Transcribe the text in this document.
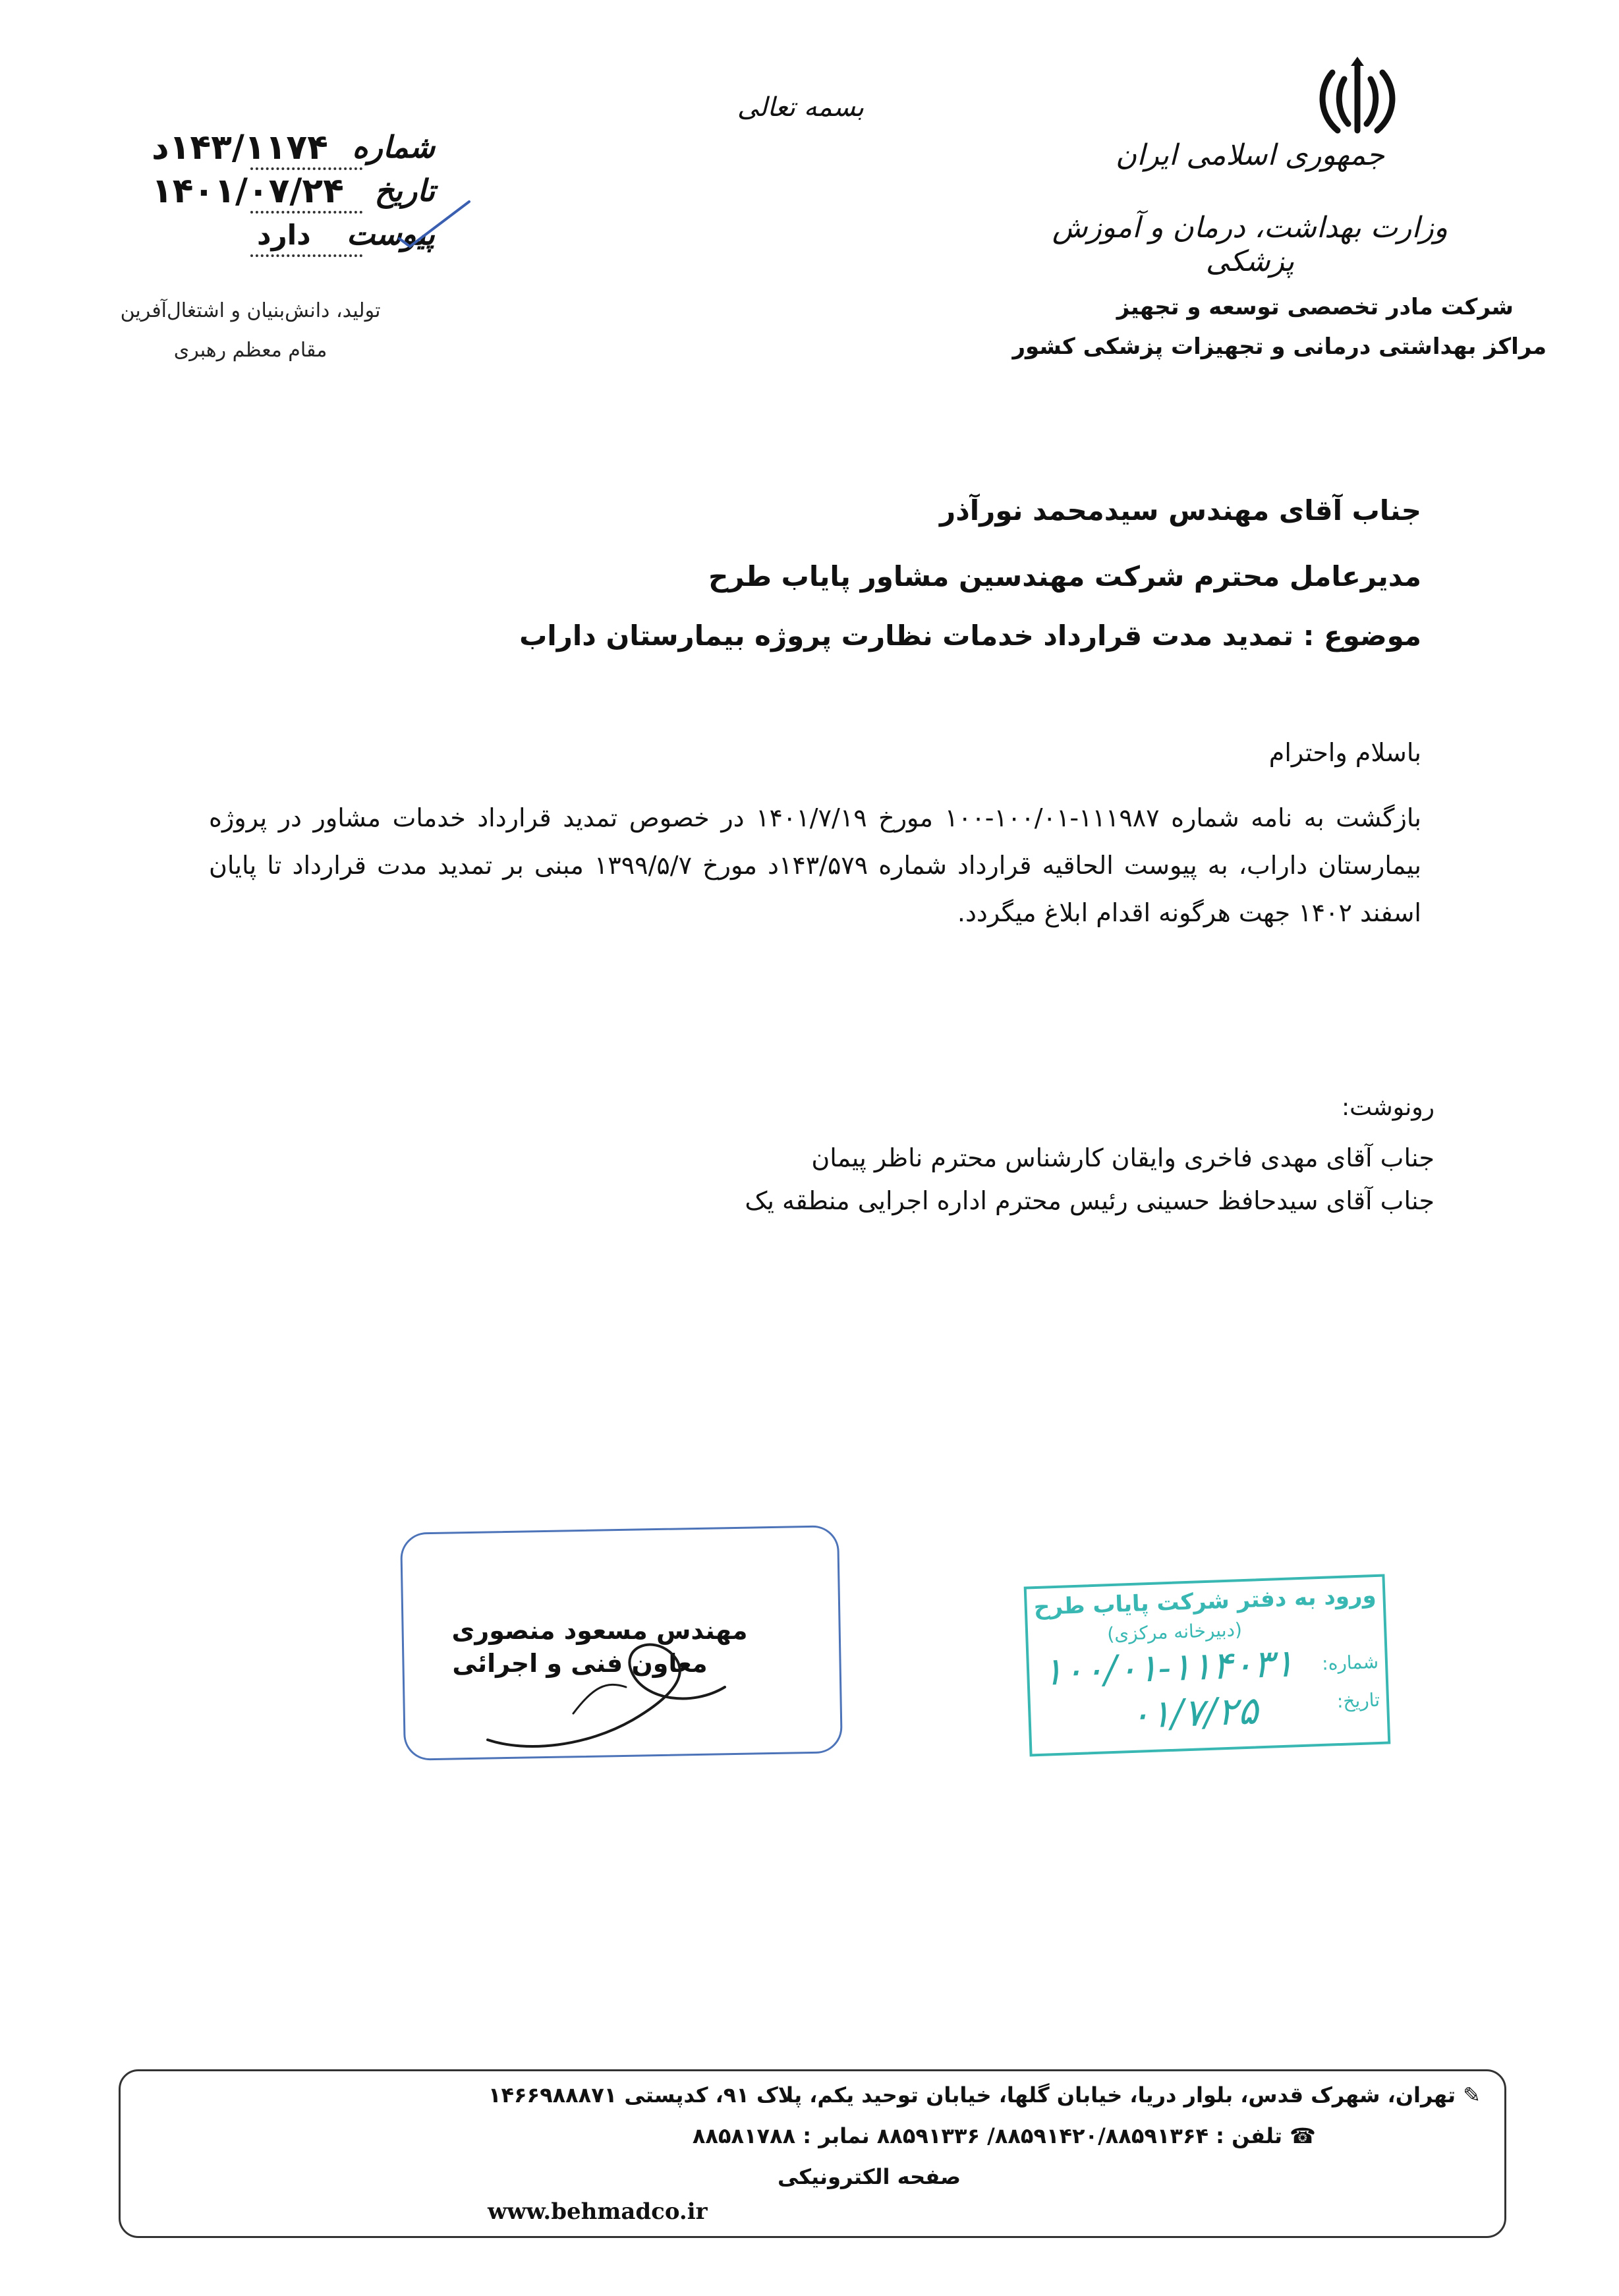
بسمه تعالی
جمهوری اسلامی ایران
وزارت بهداشت، درمان و آموزش پزشکی
شرکت مادر تخصصی توسعه و تجهیز
مراکز بهداشتی درمانی و تجهیزات پزشکی کشور
شماره
۱۴۳/۱۱۷۴د
تاریخ
۱۴۰۱/۰۷/۲۴
پیوست
دارد
تولید، دانش‌بنیان و اشتغال‌آفرین
مقام معظم رهبری
جناب آقای مهندس سیدمحمد نورآذر
مدیرعامل محترم شرکت مهندسین مشاور پایاب طرح
موضوع : تمدید مدت قرارداد خدمات نظارت پروژه بیمارستان داراب
باسلام واحترام
بازگشت به نامه شماره ۱۱۱۹۸۷-۱۰۰/۰۱-۱۰۰ مورخ ۱۴۰۱/۷/۱۹ در خصوص تمدید قرارداد خدمات مشاور در پروژه بیمارستان داراب، به پیوست الحاقیه قرارداد شماره ۱۴۳/۵۷۹د مورخ ۱۳۹۹/۵/۷ مبنی بر تمدید مدت قرارداد تا پایان اسفند ۱۴۰۲ جهت هرگونه اقدام ابلاغ میگردد.
رونوشت:
جناب آقای مهدی فاخری وایقان کارشناس محترم ناظر پیمان
جناب آقای سیدحافظ حسینی رئیس محترم اداره اجرایی منطقه یک
مهندس مسعود منصوری
معاون فنی و اجرائی
ورود به دفتر شرکت پایاب طرح
(دبیرخانه مرکزی)
شماره:
۱۰۰/۰۱-۱۱۴۰۳۱
تاریخ:
۰۱/۷/۲۵
✎ تهران، شهرک قدس، بلوار دریا، خیابان گلها، خیابان توحید یکم، پلاک ۹۱، کدپستی ۱۴۶۶۹۸۸۸۷۱
☎ تلفن : ۸۸۵۹۱۴۲۰/۸۸۵۹۱۳۶۴/ ۸۸۵۹۱۳۳۶ نمابر : ۸۸۵۸۱۷۸۸
صفحه الکترونیکی
www.behmadco.ir
